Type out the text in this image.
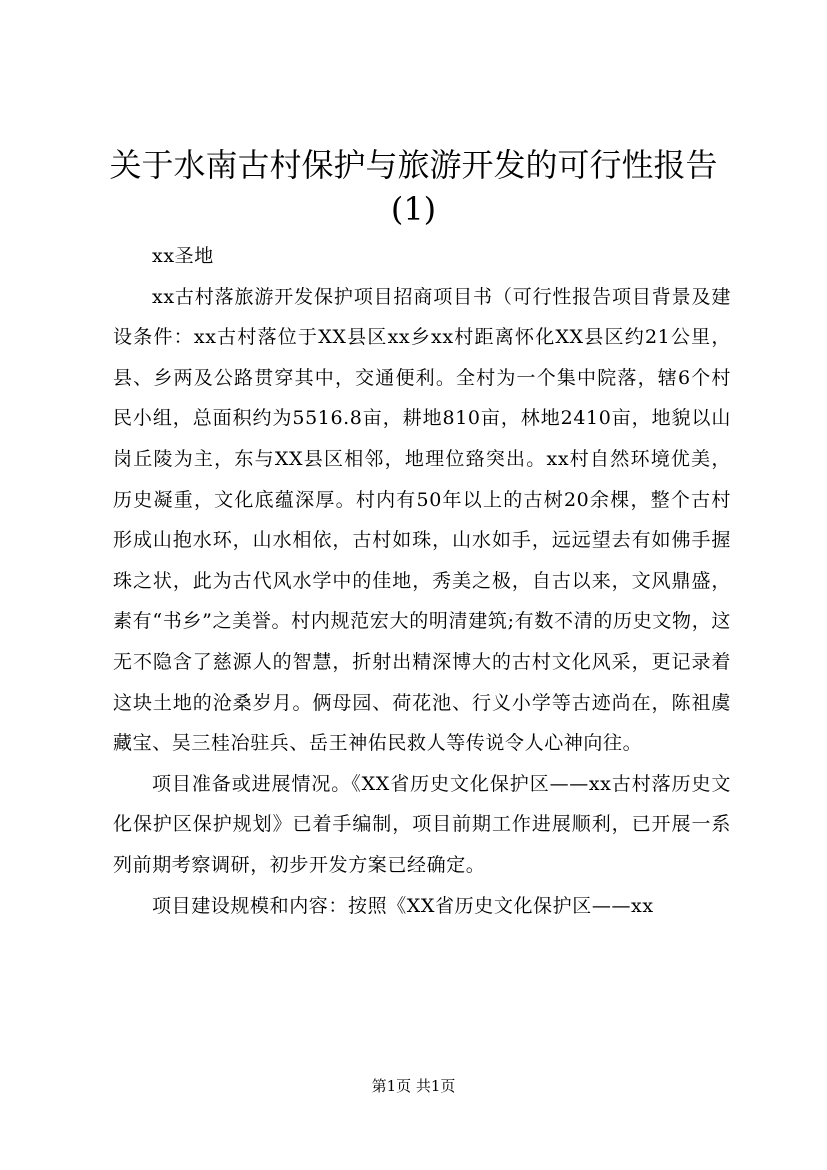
关于水南古村保护与旅游开发的可行性报告(1)

xx圣地

xx古村落旅游开发保护项目招商项目书（可行性报告项目背景及建设条件：xx古村落位于XX县区xx乡xx村距离怀化XX县区约21公里，县、乡两及公路贯穿其中，交通便利。全村为一个集中院落，辖6个村民小组，总面积约为5516.8亩，耕地810亩，林地2410亩，地貌以山岗丘陵为主，东与XX县区相邻，地理位臵突出。xx村自然环境优美，历史凝重，文化底蕴深厚。村内有50年以上的古树20余棵，整个古村形成山抱水环，山水相依，古村如珠，山水如手，远远望去有如佛手握珠之状，此为古代风水学中的佳地，秀美之极，自古以来，文风鼎盛，素有“书乡”之美誉。村内规范宏大的明清建筑;有数不清的历史文物，这无不隐含了慈源人的智慧，折射出精深博大的古村文化风采，更记录着这块土地的沧桑岁月。俩母园、荷花池、行义小学等古迹尚在，陈祖虞藏宝、吴三桂冶驻兵、岳王神佑民救人等传说令人心神向往。

项目准备或进展情况。《XX省历史文化保护区——xx古村落历史文化保护区保护规划》已着手编制，项目前期工作进展顺利，已开展一系列前期考察调研，初步开发方案已经确定。

项目建设规模和内容：按照《XX省历史文化保护区——xx

第1页 共1页
